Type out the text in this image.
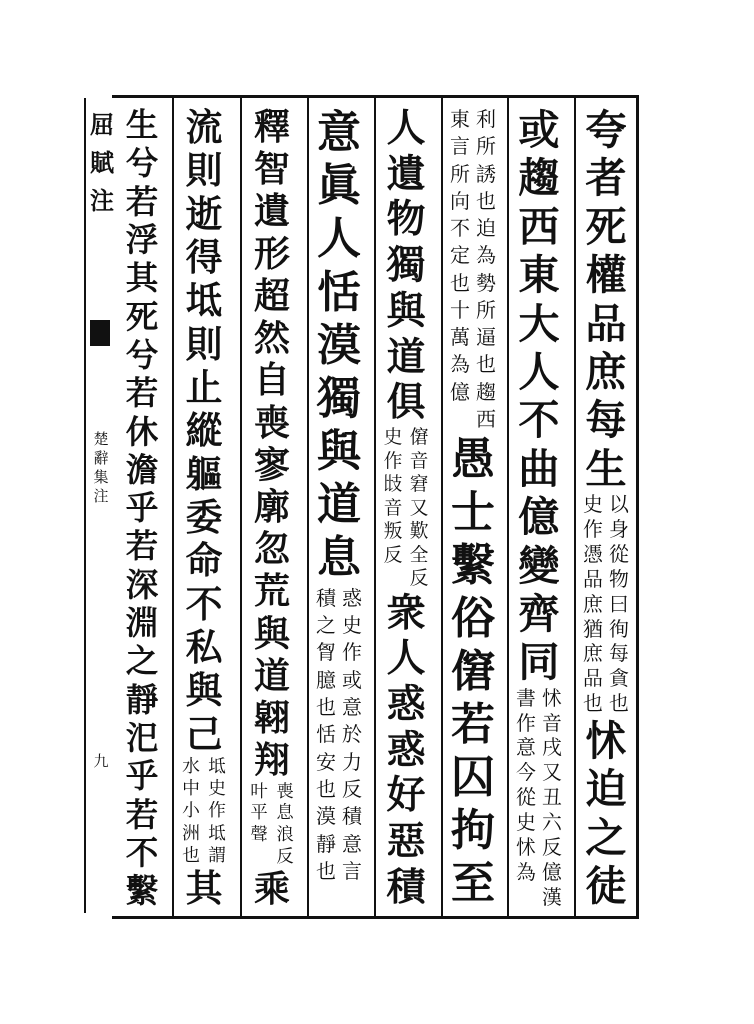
屈
賦
注
楚
辭
集
注
九
夸
者
死
權
品
庶
每
生
史
作
憑
品
庶
猶
庶
品
也
以
身
從
物
曰
徇
每
貪
也
怵
迫
之
徒
或
趨
西
東
大
人
不
曲
億
變
齊
同
書
作
意
今
從
史
怵
為
怵
音
戌
又
丑
六
反
億
漢
東
言
所
向
不
定
也
十
萬
為
億
利
所
誘
也
迫
為
勢
所
逼
也
趨
西
愚
士
繫
俗
僒
若
囚
拘
至
人
遺
物
獨
與
道
俱
史
作
㩺
音
叛
反
僒
音
窘
又
歎
全
反
衆
人
惑
惑
好
惡
積
意
眞
人
恬
漠
獨
與
道
息
積
之
胷
臆
也
恬
安
也
漠
靜
也
惑
史
作
或
意
於
力
反
積
意
言
釋
智
遺
形
超
然
自
喪
寥
廓
忽
荒
與
道
翶
翔
叶
平
聲
喪
息
浪
反
乘
流
則
逝
得
坻
則
止
縱
軀
委
命
不
私
與
己
水
中
小
洲
也
坻
史
作
坻
謂
其
生
兮
若
浮
其
死
兮
若
休
澹
乎
若
深
淵
之
靜
汜
乎
若
不
繫
